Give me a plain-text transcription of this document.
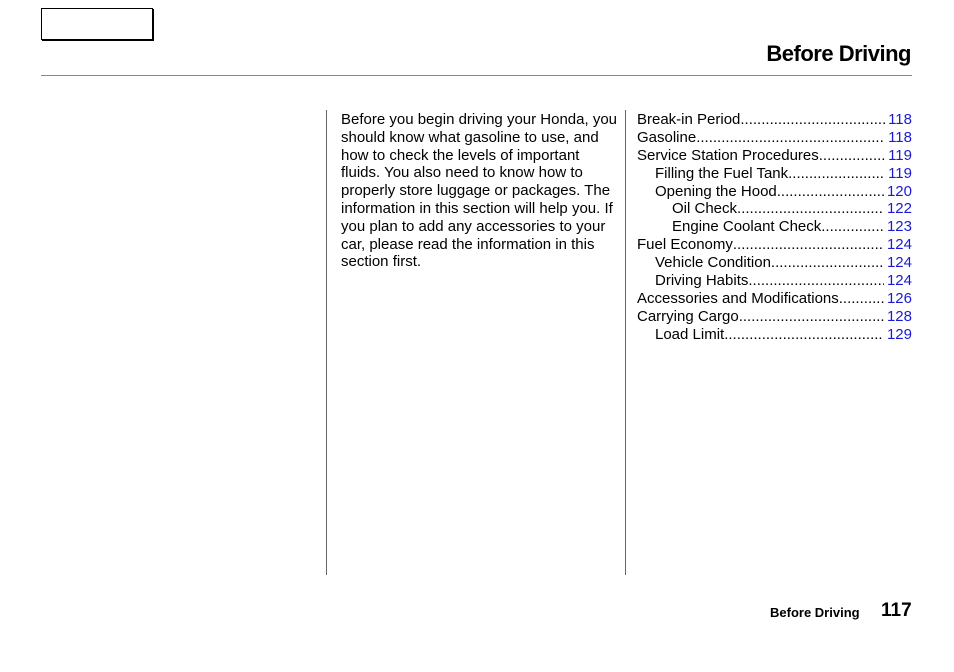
Before Driving

Before you begin driving your Honda, you should know what gasoline to use, and how to check the levels of important fluids. You also need to know how to properly store luggage or packages. The information in this section will help you. If you plan to add any accessories to your car, please read the information in this section first.

Break-in Period .....	118
Gasoline .....	118
Service Station Procedures .....	119
Filling the Fuel Tank .....	119
Opening the Hood .....	120
Oil Check .....	122
Engine Coolant Check .....	123
Fuel Economy .....	124
Vehicle Condition .....	124
Driving Habits .....	124
Accessories and Modifications .....	126
Carrying Cargo .....	128
Load Limit .....	129
Before Driving 117
